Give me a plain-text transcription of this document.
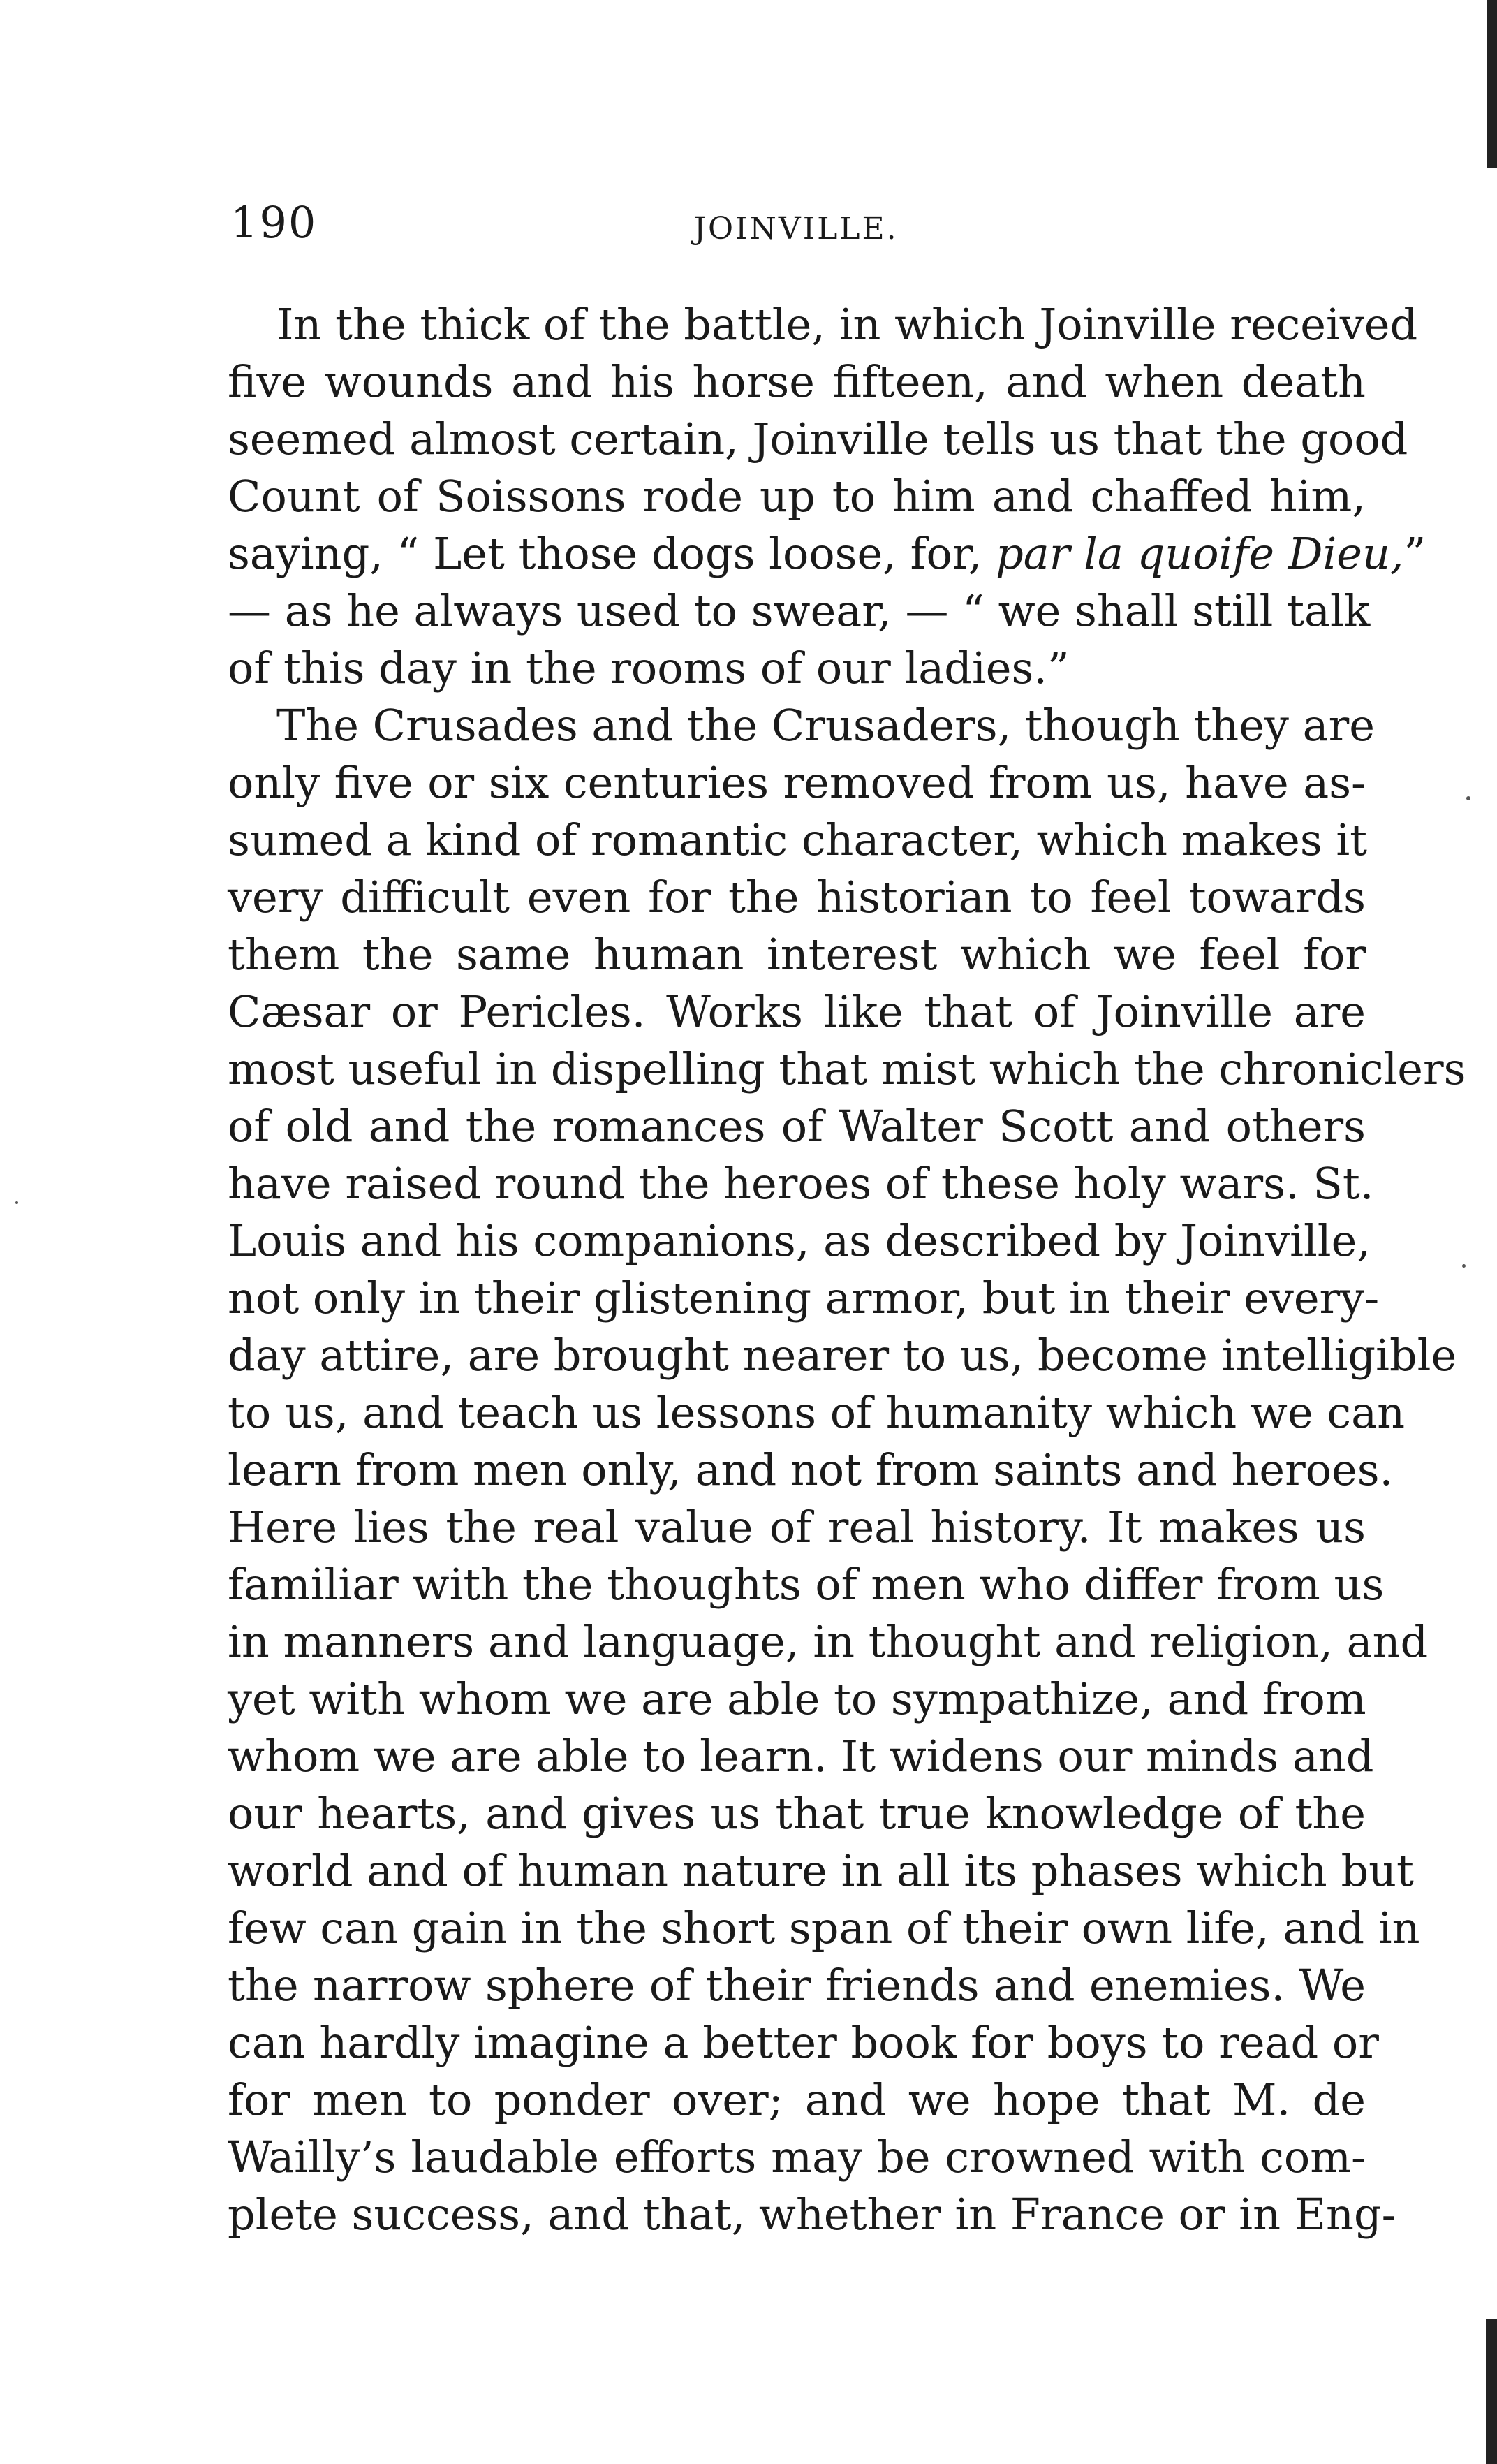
190	JOINVILLE.
In the thick of the battle, in which Joinville received
five wounds and his horse fifteen, and when death
seemed almost certain, Joinville tells us that the good
Count of Soissons rode up to him and chaffed him,
saying, “ Let those dogs loose, for, par la quoife Dieu,”
— as he always used to swear, — “ we shall still talk
of this day in the rooms of our ladies.”
The Crusades and the Crusaders, though they are
only five or six centuries removed from us, have as-
sumed a kind of romantic character, which makes it
very difficult even for the historian to feel towards
them the same human interest which we feel for
Cæsar or Pericles. Works like that of Joinville are
most useful in dispelling that mist which the chroniclers
of old and the romances of Walter Scott and others
have raised round the heroes of these holy wars. St.
Louis and his companions, as described by Joinville,
not only in their glistening armor, but in their every-
day attire, are brought nearer to us, become intelligible
to us, and teach us lessons of humanity which we can
learn from men only, and not from saints and heroes.
Here lies the real value of real history. It makes us
familiar with the thoughts of men who differ from us
in manners and language, in thought and religion, and
yet with whom we are able to sympathize, and from
whom we are able to learn. It widens our minds and
our hearts, and gives us that true knowledge of the
world and of human nature in all its phases which but
few can gain in the short span of their own life, and in
the narrow sphere of their friends and enemies. We
can hardly imagine a better book for boys to read or
for men to ponder over; and we hope that M. de
Wailly’s laudable efforts may be crowned with com-
plete success, and that, whether in France or in Eng-
